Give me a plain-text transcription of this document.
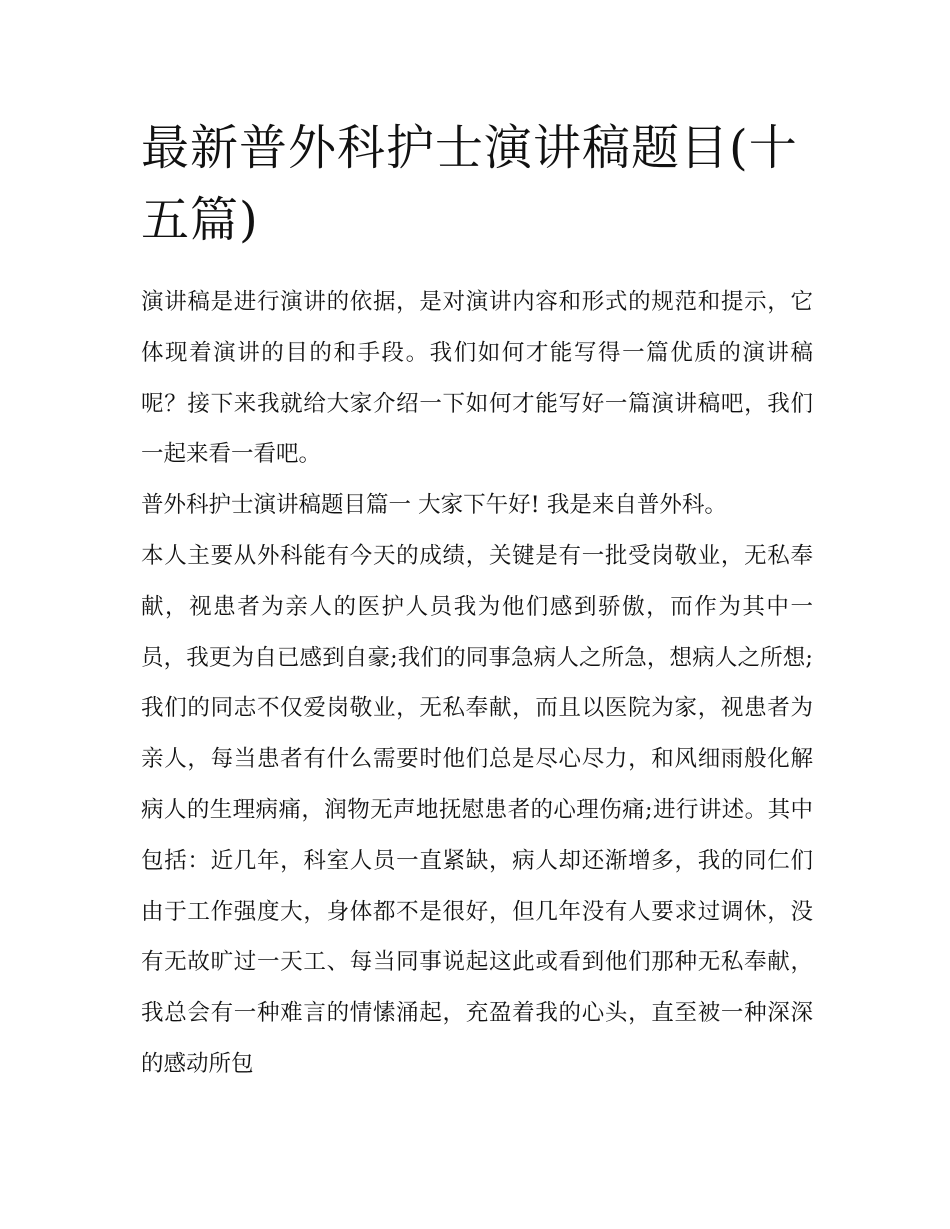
最新普外科护士演讲稿题目(十五篇)

演讲稿是进行演讲的依据，是对演讲内容和形式的规范和提示，它体现着演讲的目的和手段。我们如何才能写得一篇优质的演讲稿呢？接下来我就给大家介绍一下如何才能写好一篇演讲稿吧，我们一起来看一看吧。

普外科护士演讲稿题目篇一 大家下午好! 我是来自普外科。

本人主要从外科能有今天的成绩，关键是有一批受岗敬业，无私奉献，视患者为亲人的医护人员我为他们感到骄傲，而作为其中一员，我更为自已感到自豪;我们的同事急病人之所急，想病人之所想;我们的同志不仅爱岗敬业，无私奉献，而且以医院为家，视患者为亲人，每当患者有什么需要时他们总是尽心尽力，和风细雨般化解病人的生理病痛，润物无声地抚慰患者的心理伤痛;进行讲述。其中包括：近几年，科室人员一直紧缺，病人却还渐增多，我的同仁们由于工作强度大，身体都不是很好，但几年没有人要求过调休，没有无故旷过一天工、每当同事说起这此或看到他们那种无私奉献，我总会有一种难言的情愫涌起，充盈着我的心头，直至被一种深深的感动所包
